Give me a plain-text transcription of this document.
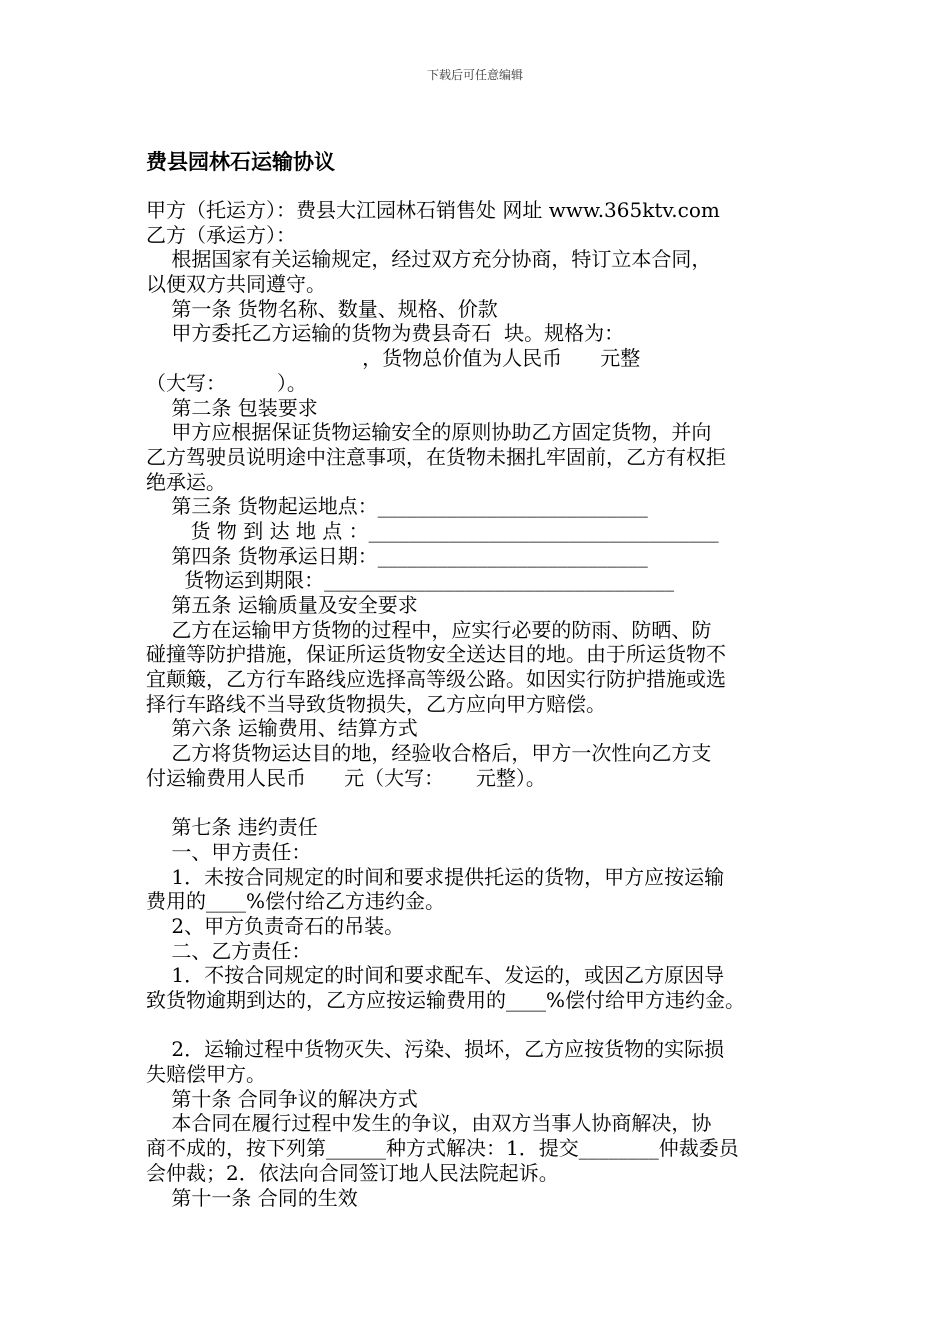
下载后可任意编辑
费县园林石运输协议
甲方（托运方）：费县大江园林石销售处 网址 www.365ktv.com
乙方（承运方）：
根据国家有关运输规定，经过双方充分协商，特订立本合同，
以便双方共同遵守。
第一条 货物名称、数量、规格、价款
甲方委托乙方运输的货物为费县奇石  块。规格为：
，货物总价值为人民币      元整
（大写：        ）。
第二条 包装要求
甲方应根据保证货物运输安全的原则协助乙方固定货物，并向
乙方驾驶员说明途中注意事项，在货物未捆扎牢固前，乙方有权拒
绝承运。
第三条 货物起运地点：___________________________
货 物 到 达 地 点 ：___________________________________
第四条 货物承运日期：___________________________
货物运到期限：___________________________________
第五条 运输质量及安全要求
乙方在运输甲方货物的过程中，应实行必要的防雨、防晒、防
碰撞等防护措施，保证所运货物安全送达目的地。由于所运货物不
宜颠簸，乙方行车路线应选择高等级公路。如因实行防护措施或选
择行车路线不当导致货物损失，乙方应向甲方赔偿。
第六条 运输费用、结算方式
乙方将货物运达目的地，经验收合格后，甲方一次性向乙方支
付运输费用人民币      元（大写：     元整）。
第七条 违约责任
一、甲方责任：
1．未按合同规定的时间和要求提供托运的货物，甲方应按运输
费用的____%偿付给乙方违约金。
2、甲方负责奇石的吊装。
二、乙方责任：
1．不按合同规定的时间和要求配车、发运的，或因乙方原因导
致货物逾期到达的，乙方应按运输费用的____%偿付给甲方违约金。
2．运输过程中货物灭失、污染、损坏，乙方应按货物的实际损
失赔偿甲方。
第十条 合同争议的解决方式
本合同在履行过程中发生的争议，由双方当事人协商解决，协
商不成的，按下列第______种方式解决：1．提交________仲裁委员
会仲裁；2．依法向合同签订地人民法院起诉。
第十一条 合同的生效
